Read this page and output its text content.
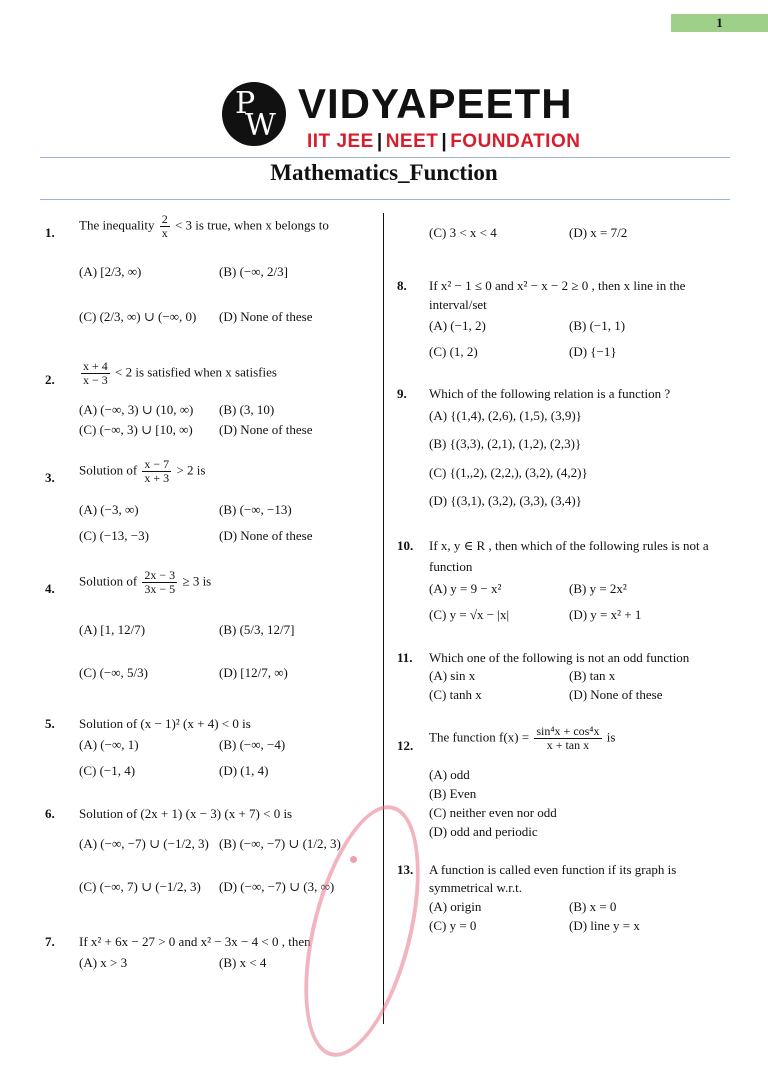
1
P
W VIDYAPEETH
IIT JEE | NEET | FOUNDATION
Mathematics_Function
1. The inequality $\frac{2}{x} < 3$ is true, when x belongs to
(A) [2/3, ∞)	(B) (−∞, 2/3]
(C) (2/3, ∞) ∪ (−∞, 0) (D) None of these
2. $\frac{x + 4}{x - 3} < 2$ is satisfied when x satisfies
(A) (−∞, 3) ∪ (10, ∞) (B) (3, 10)
(C) (−∞, 3) ∪ [10, ∞) (D) None of these
3. Solution of $\frac{x - 7}{x + 3} > 2$ is
(A) (−3, ∞)	(B) (−∞, −13)
(C) (−13, −3)	(D) None of these
4. Solution of $\frac{2x - 3}{3x - 5} \ge 3$ is
(A) [1, 12/7)	(B) (5/3, 12/7]
(C) (−∞, 5/3)	(D) [12/7, ∞)
5. Solution of (x − 1)² (x + 4) < 0 is
(A) (−∞, 1)	(B) (−∞, −4)
(C) (−1, 4)	(D) (1, 4)
6. Solution of (2x + 1) (x − 3) (x + 7) < 0 is
(A) (−∞, −7) ∪ (−1/2, 3) (B) (−∞, −7) ∪ (1/2, 3)
(C) (−∞, 7) ∪ (−1/2, 3) (D) (−∞, −7) ∪ (3, ∞)
7. If x² + 6x − 27 > 0 and x² − 3x − 4 < 0 , then
(A) x > 3	(B) x < 4
(C) 3 < x < 4	(D) x = 7/2
8. If x² − 1 ≤ 0 and x² − x − 2 ≥ 0 , then x line in the
interval/set
(A) (−1, 2)	(B) (−1, 1)
(C) (1, 2)	(D) {−1}
9. Which of the following relation is a function ?
(A) {(1,4), (2,6), (1,5), (3,9)}
(B) {(3,3), (2,1), (1,2), (2,3)}
(C) {(1,,2), (2,2,), (3,2), (4,2)}
(D) {(3,1), (3,2), (3,3), (3,4)}
10. If x, y ∈ R , then which of the following rules is not a
function
(A) y = 9 − x²	(B) y = 2x²
(C) y = √x − |x|	(D) y = x² + 1
11. Which one of the following is not an odd function
(A) sin x	(B) tan x
(C) tanh x	(D) None of these
12.
The function $f(x) = \frac{\text{sin⁴x + cos⁴x}}{\text{x + tan x}}$ is
(A) odd
(B) Even
(C) neither even nor odd
(D) odd and periodic
13. A function is called even function if its graph is
symmetrical w.r.t.
(A) origin	(B) x = 0
(C) y = 0	(D) line y = x
